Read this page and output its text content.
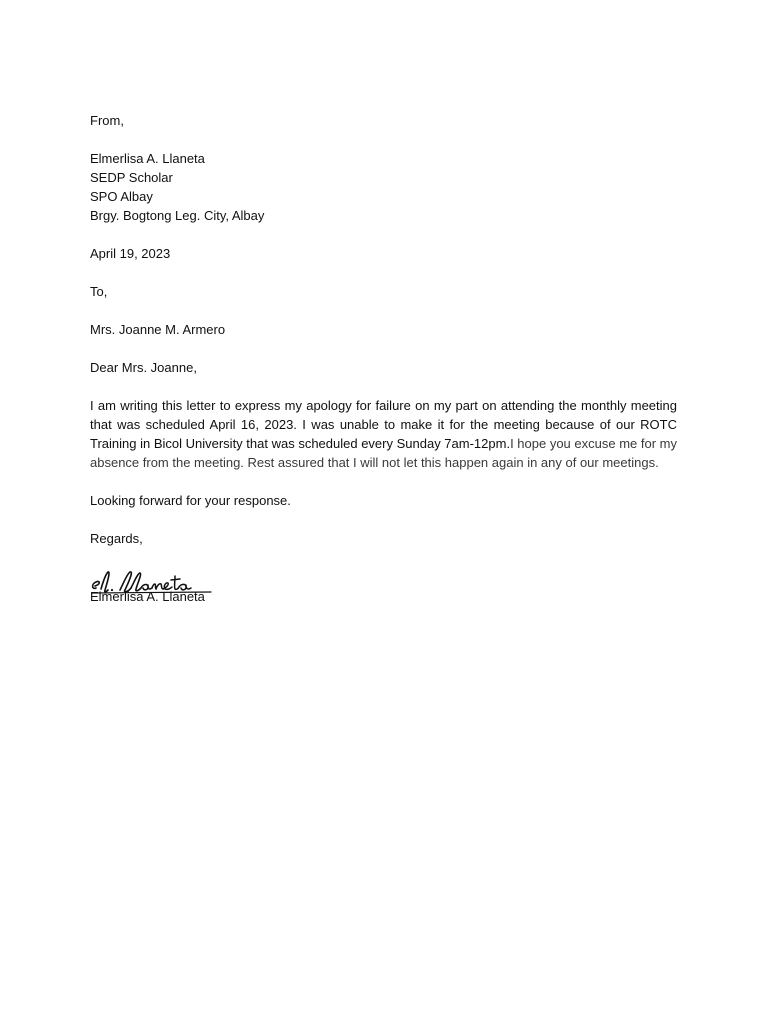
From,
Elmerlisa A. Llaneta
SEDP Scholar
SPO Albay
Brgy. Bogtong Leg. City, Albay
April 19, 2023
To,
Mrs. Joanne M. Armero
Dear Mrs. Joanne,

I am writing this letter to express my apology for failure on my part on attending the monthly meeting that was scheduled April 16, 2023. I was unable to make it for the meeting because of our ROTC Training in Bicol University that was scheduled every Sunday 7am-12pm.I hope you excuse me for my absence from the meeting. Rest assured that I will not let this happen again in any of our meetings.

Looking forward for your response.
Regards,
Elmerlisa A. Llaneta
